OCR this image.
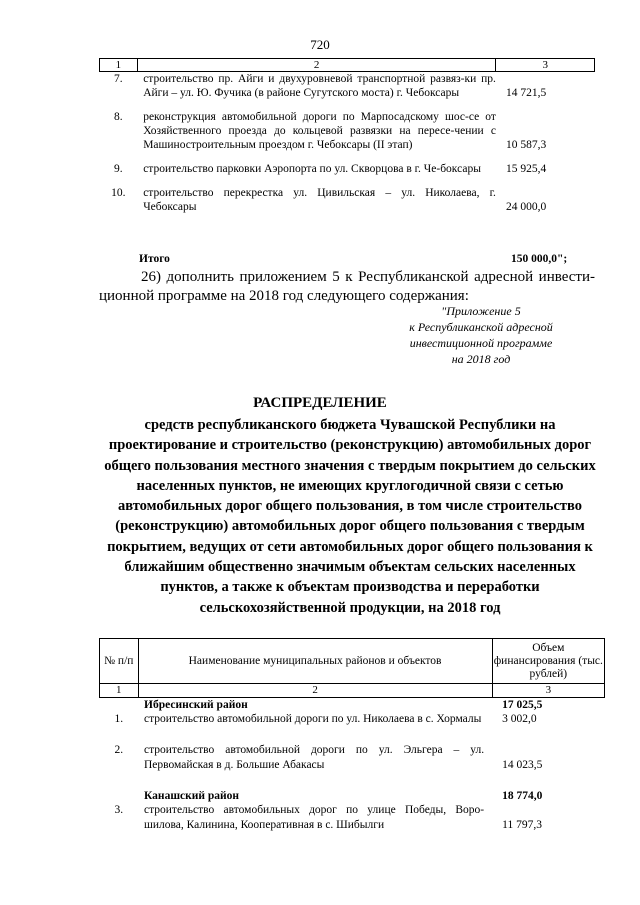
720
1	2	3
7.	строительство пр. Айги и двухуровневой транспортной развяз-ки пр. Айги – ул. Ю. Фучика (в районе Сугутского моста) г. Чебоксары	14 721,5
8.	реконструкция автомобильной дороги по Марпосадскому шос-се от Хозяйственного проезда до кольцевой развязки на пересе-чении с Машиностроительным проездом г. Чебоксары (II этап)	10 587,3
9.	строительство парковки Аэропорта по ул. Скворцова в г. Че-боксары	15 925,4
10.	строительство перекрестка ул. Цивильская – ул. Николаева, г. Чебоксары	24 000,0
Итого	150 000,0";
26) дополнить приложением 5 к Республиканской адресной инвести-ционной программе на 2018 год следующего содержания:
"Приложение 5
к Республиканской адресной
инвестиционной программе
на 2018 год
РАСПРЕДЕЛЕНИЕ
средств республиканского бюджета Чувашской Республики на проектирование и строительство (реконструкцию) автомобильных дорог общего пользования местного значения с твердым покрытием до сельских населенных пунктов, не имеющих круглогодичной связи с сетью автомобильных дорог общего пользования, в том числе строительство (реконструкцию) автомобильных дорог общего пользования с твердым покрытием, ведущих от сети автомобильных дорог общего пользования к ближайшим общественно значимым объектам сельских населенных пунктов, а также к объектам производства и переработки сельскохозяйственной продукции, на 2018 год
№ п/п	Наименование муниципальных районов и объектов	Объем финансирования (тыс. рублей)
1	2	3
	Ибресинский район	17 025,5
1.	строительство автомобильной дороги по ул. Николаева в с. Хормалы	3 002,0
2.	строительство автомобильной дороги по ул. Эльгера – ул. Первомайская в д. Большие Абакасы	14 023,5
	Канашский район	18 774,0
3.	строительство автомобильных дорог по улице Победы, Воро-шилова, Калинина, Кооперативная в с. Шибылги	11 797,3
